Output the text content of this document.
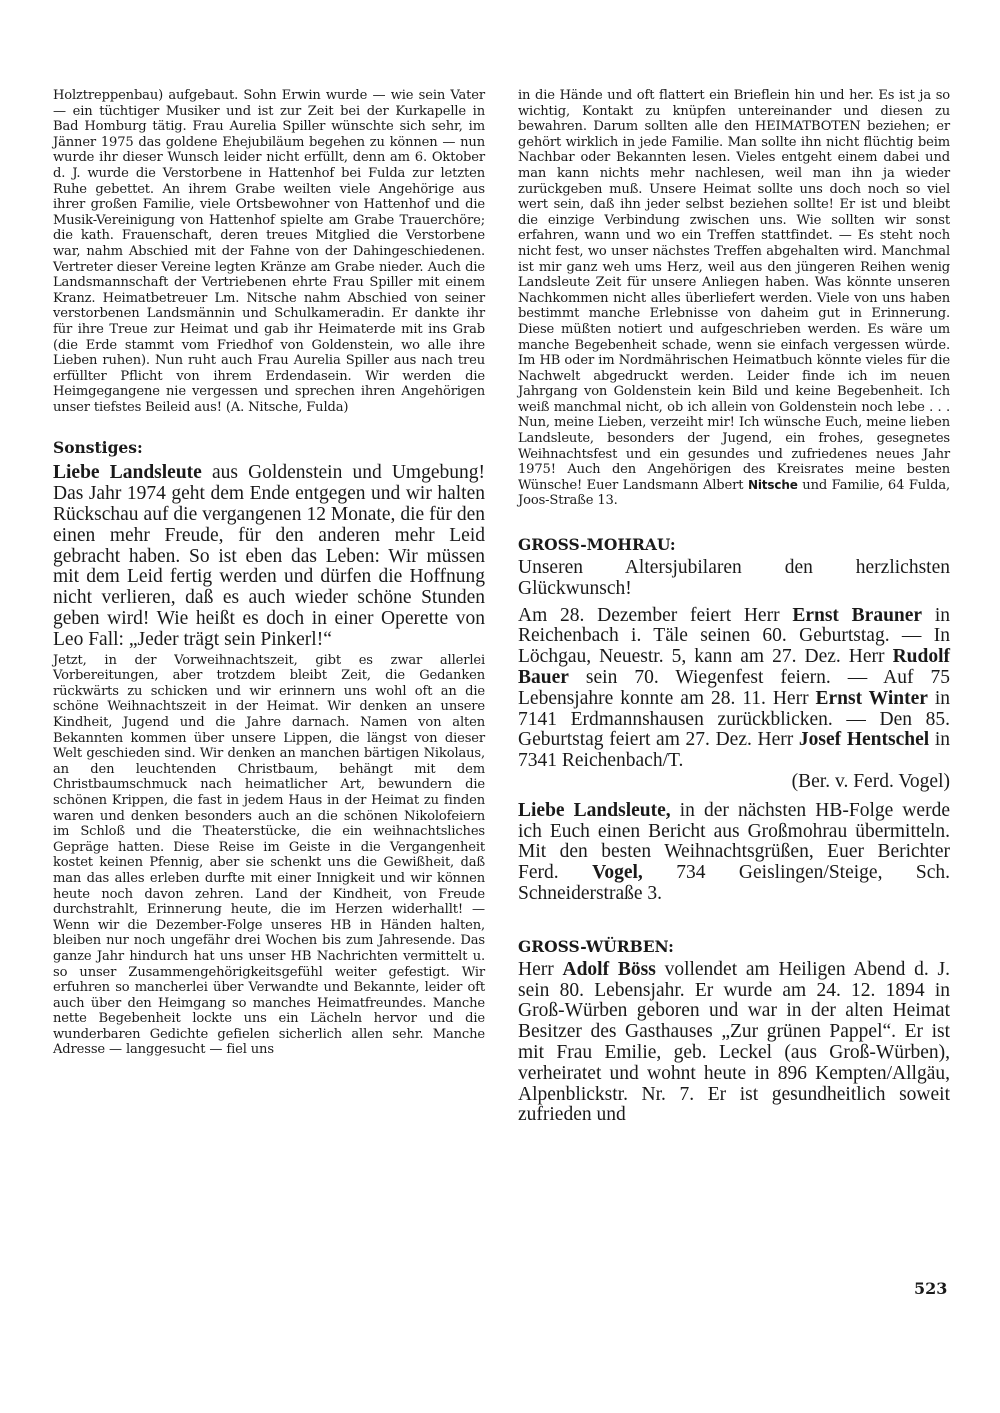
Holztreppenbau) aufgebaut. Sohn Erwin wurde — wie sein Vater — ein tüchtiger Musiker und ist zur Zeit bei der Kurkapelle in Bad Homburg tätig. Frau Aurelia Spiller wünschte sich sehr, im Jänner 1975 das goldene Ehejubiläum begehen zu können — nun wurde ihr dieser Wunsch leider nicht erfüllt, denn am 6. Oktober d. J. wurde die Verstorbene in Hattenhof bei Fulda zur letzten Ruhe gebettet. An ihrem Grabe weilten viele Angehörige aus ihrer großen Familie, viele Ortsbewohner von Hattenhof und die Musik-Vereinigung von Hattenhof spielte am Grabe Trauerchöre; die kath. Frauenschaft, deren treues Mitglied die Verstorbene war, nahm Abschied mit der Fahne von der Dahingeschiedenen. Vertreter dieser Vereine legten Kränze am Grabe nieder. Auch die Landsmannschaft der Vertriebenen ehrte Frau Spiller mit einem Kranz. Heimatbetreuer Lm. Nitsche nahm Abschied von seiner verstorbenen Landsmännin und Schulkameradin. Er dankte ihr für ihre Treue zur Heimat und gab ihr Heimaterde mit ins Grab (die Erde stammt vom Friedhof von Goldenstein, wo alle ihre Lieben ruhen). Nun ruht auch Frau Aurelia Spiller aus nach treu erfüllter Pflicht von ihrem Erdendasein. Wir werden die Heimgegangene nie vergessen und sprechen ihren Angehörigen unser tiefstes Beileid aus! (A. Nitsche, Fulda)

Sonstiges:

Liebe Landsleute aus Goldenstein und Umgebung! Das Jahr 1974 geht dem Ende entgegen und wir halten Rückschau auf die vergangenen 12 Monate, die für den einen mehr Freude, für den anderen mehr Leid gebracht haben. So ist eben das Leben: Wir müssen mit dem Leid fertig werden und dürfen die Hoffnung nicht verlieren, daß es auch wieder schöne Stunden geben wird! Wie heißt es doch in einer Operette von Leo Fall: „Jeder trägt sein Pinkerl!“

Jetzt, in der Vorweihnachtszeit, gibt es zwar allerlei Vorbereitungen, aber trotzdem bleibt Zeit, die Gedanken rückwärts zu schicken und wir erinnern uns wohl oft an die schöne Weihnachtszeit in der Heimat. Wir denken an unsere Kindheit, Jugend und die Jahre darnach. Namen von alten Bekannten kommen über unsere Lippen, die längst von dieser Welt geschieden sind. Wir denken an manchen bärtigen Nikolaus, an den leuchtenden Christbaum, behängt mit dem Christbaumschmuck nach heimatlicher Art, bewundern die schönen Krippen, die fast in jedem Haus in der Heimat zu finden waren und denken besonders auch an die schönen Nikolofeiern im Schloß und die Theaterstücke, die ein weihnachtsliches Gepräge hatten. Diese Reise im Geiste in die Vergangenheit kostet keinen Pfennig, aber sie schenkt uns die Gewißheit, daß man das alles erleben durfte mit einer Innigkeit und wir können heute noch davon zehren. Land der Kindheit, von Freude durchstrahlt, Erinnerung heute, die im Herzen widerhallt! — Wenn wir die Dezember-Folge unseres HB in Händen halten, bleiben nur noch ungefähr drei Wochen bis zum Jahresende. Das ganze Jahr hindurch hat uns unser HB Nachrichten vermittelt u. so unser Zusammengehörigkeitsgefühl weiter gefestigt. Wir erfuhren so mancherlei über Verwandte und Bekannte, leider oft auch über den Heimgang so manches Heimatfreundes. Manche nette Begebenheit lockte uns ein Lächeln hervor und die wunderbaren Gedichte gefielen sicherlich allen sehr. Manche Adresse — langgesucht — fiel uns

in die Hände und oft flattert ein Brieflein hin und her. Es ist ja so wichtig, Kontakt zu knüpfen untereinander und diesen zu bewahren. Darum sollten alle den HEIMATBOTEN beziehen; er gehört wirklich in jede Familie. Man sollte ihn nicht flüchtig beim Nachbar oder Bekannten lesen. Vieles entgeht einem dabei und man kann nichts mehr nachlesen, weil man ihn ja wieder zurückgeben muß. Unsere Heimat sollte uns doch noch so viel wert sein, daß ihn jeder selbst beziehen sollte! Er ist und bleibt die einzige Verbindung zwischen uns. Wie sollten wir sonst erfahren, wann und wo ein Treffen stattfindet. — Es steht noch nicht fest, wo unser nächstes Treffen abgehalten wird. Manchmal ist mir ganz weh ums Herz, weil aus den jüngeren Reihen wenig Landsleute Zeit für unsere Anliegen haben. Was könnte unseren Nachkommen nicht alles überliefert werden. Viele von uns haben bestimmt manche Erlebnisse von daheim gut in Erinnerung. Diese müßten notiert und aufgeschrieben werden. Es wäre um manche Begebenheit schade, wenn sie einfach vergessen würde. Im HB oder im Nordmährischen Heimatbuch könnte vieles für die Nachwelt abgedruckt werden. Leider finde ich im neuen Jahrgang von Goldenstein kein Bild und keine Begebenheit. Ich weiß manchmal nicht, ob ich allein von Goldenstein noch lebe . . . Nun, meine Lieben, verzeiht mir! Ich wünsche Euch, meine lieben Landsleute, besonders der Jugend, ein frohes, gesegnetes Weihnachtsfest und ein gesundes und zufriedenes neues Jahr 1975! Auch den Angehörigen des Kreisrates meine besten Wünsche! Euer Landsmann Albert Nitsche und Familie, 64 Fulda, Joos-Straße 13.

GROSS-MOHRAU:

Unseren Altersjubilaren den herzlichsten Glückwunsch!

Am 28. Dezember feiert Herr Ernst Brauner in Reichenbach i. Täle seinen 60. Geburtstag. — In Löchgau, Neuestr. 5, kann am 27. Dez. Herr Rudolf Bauer sein 70. Wiegenfest feiern. — Auf 75 Lebensjahre konnte am 28. 11. Herr Ernst Winter in 7141 Erdmannshausen zurückblicken. — Den 85. Geburtstag feiert am 27. Dez. Herr Josef Hentschel in 7341 Reichenbach/T.

(Ber. v. Ferd. Vogel)

Liebe Landsleute, in der nächsten HB-Folge werde ich Euch einen Bericht aus Großmohrau übermitteln. Mit den besten Weihnachtsgrüßen, Euer Berichter Ferd. Vogel, 734 Geislingen/Steige, Sch. Schneiderstraße 3.

GROSS-WÜRBEN:

Herr Adolf Böss vollendet am Heiligen Abend d. J. sein 80. Lebensjahr. Er wurde am 24. 12. 1894 in Groß-Würben geboren und war in der alten Heimat Besitzer des Gasthauses „Zur grünen Pappel“. Er ist mit Frau Emilie, geb. Leckel (aus Groß-Würben), verheiratet und wohnt heute in 896 Kempten/Allgäu, Alpenblickstr. Nr. 7. Er ist gesundheitlich soweit zufrieden und

523
